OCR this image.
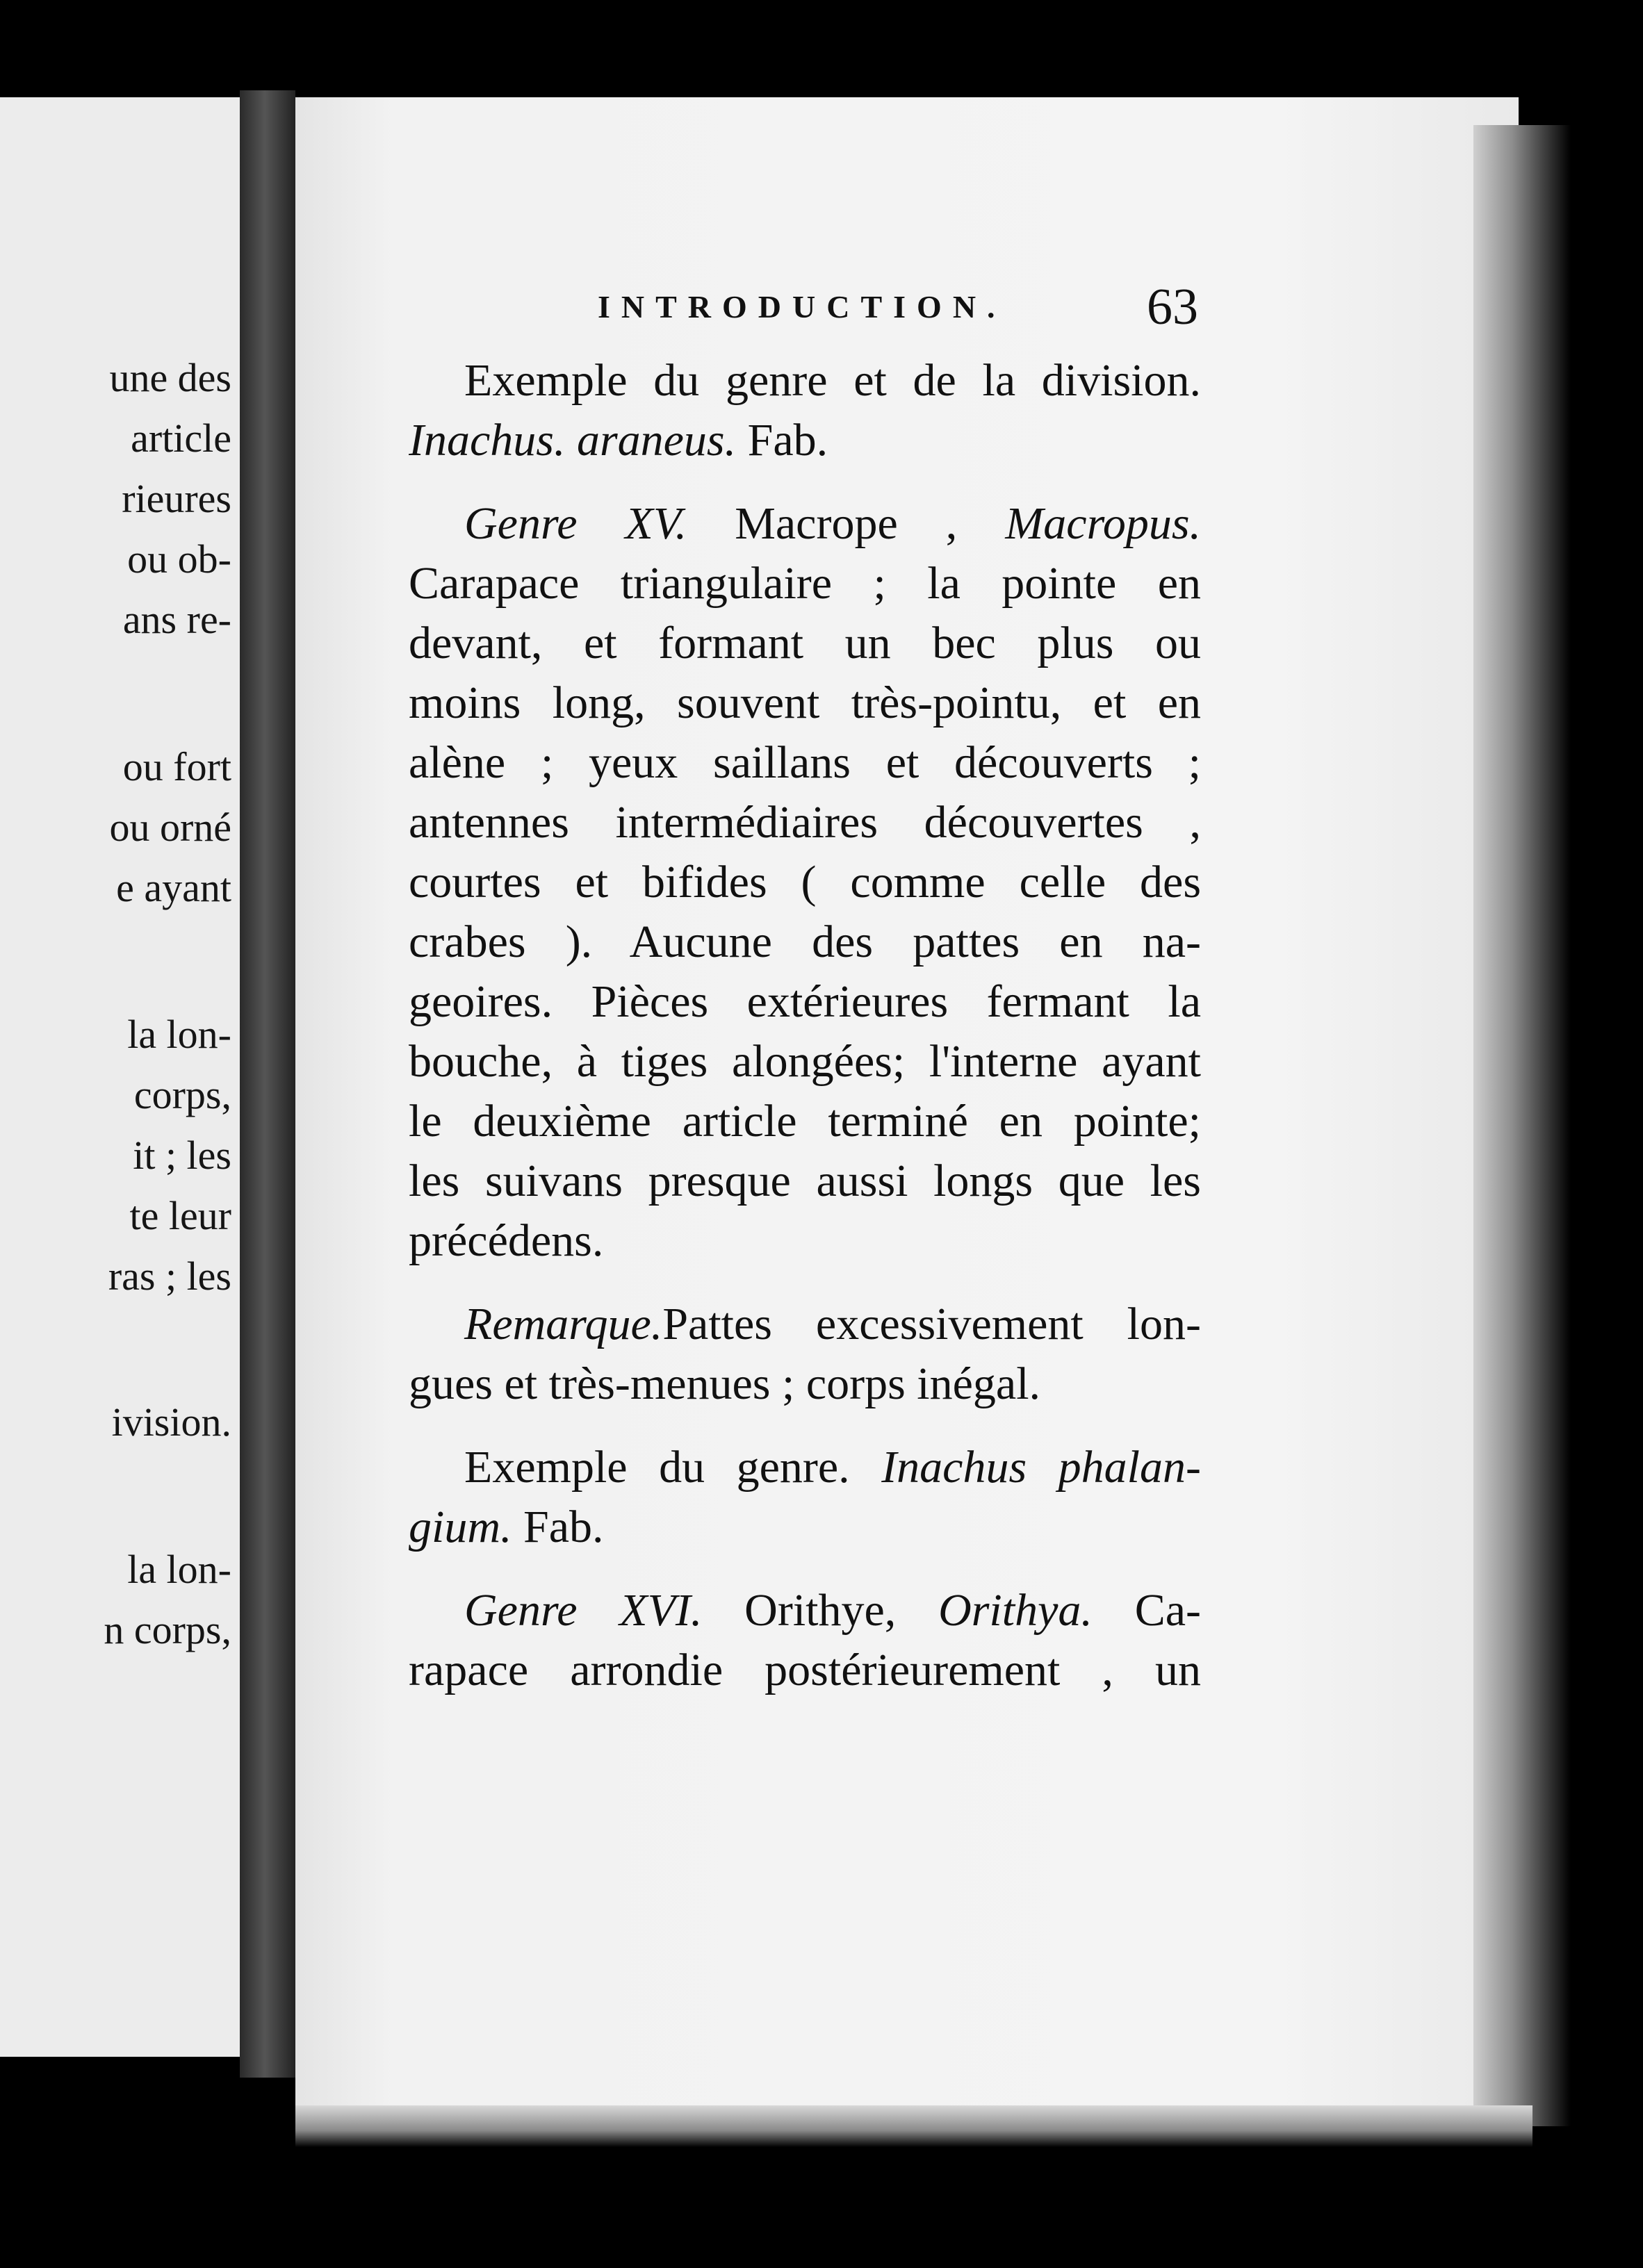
une des
article
rieures
ou ob-
ans re-
ou fort
ou orné
e ayant
la lon-
corps,
it ; les
te leur
ras ; les
ivision.
la lon-
n corps,
INTRODUCTION.	63
Exemple du genre et de la division.
Inachus. araneus. Fab.
Genre XV. Macrope , Macropus.
Carapace triangulaire ; la pointe en
devant, et formant un bec plus ou
moins long, souvent très-pointu, et en
alène ; yeux saillans et découverts ;
antennes intermédiaires découvertes ,
courtes et bifides ( comme celle des
crabes ). Aucune des pattes en na-
geoires. Pièces extérieures fermant la
bouche, à tiges alongées; l'interne ayant
le deuxième article terminé en pointe;
les suivans presque aussi longs que les
précédens.
Remarque.Pattes excessivement lon-
gues et très-menues ; corps inégal.
Exemple du genre. Inachus phalan-
gium. Fab.
Genre XVI. Orithye, Orithya. Ca-
rapace arrondie postérieurement , un
